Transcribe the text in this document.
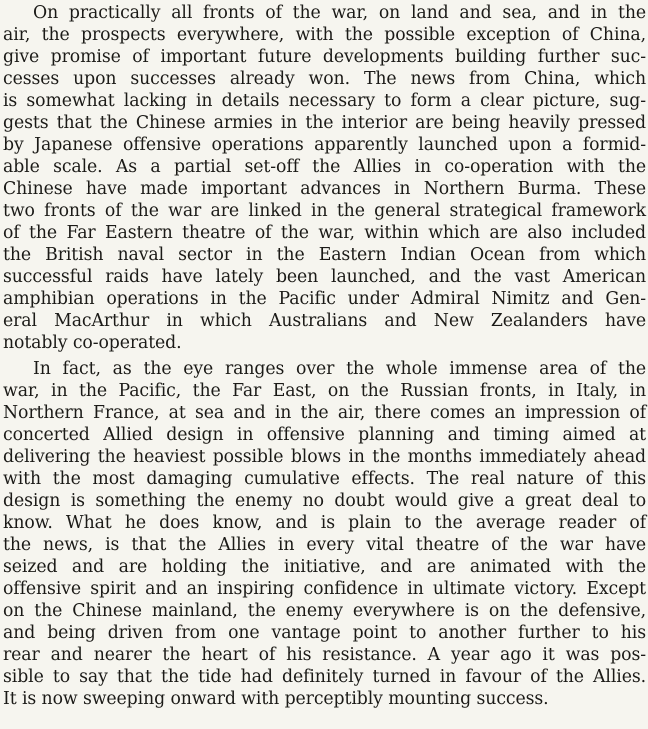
On practically all fronts of the war, on land and sea, and in the

air, the prospects everywhere, with the possible exception of China,

give promise of important future developments building further suc-

cesses upon successes already won. The news from China, which

is somewhat lacking in details necessary to form a clear picture, sug-

gests that the Chinese armies in the interior are being heavily pressed

by Japanese offensive operations apparently launched upon a formid-

able scale. As a partial set-off the Allies in co-operation with the

Chinese have made important advances in Northern Burma. These

two fronts of the war are linked in the general strategical framework

of the Far Eastern theatre of the war, within which are also included

the British naval sector in the Eastern Indian Ocean from which

successful raids have lately been launched, and the vast American

amphibian operations in the Pacific under Admiral Nimitz and Gen-

eral MacArthur in which Australians and New Zealanders have

notably co-operated.

In fact, as the eye ranges over the whole immense area of the

war, in the Pacific, the Far East, on the Russian fronts, in Italy, in

Northern France, at sea and in the air, there comes an impression of

concerted Allied design in offensive planning and timing aimed at

delivering the heaviest possible blows in the months immediately ahead

with the most damaging cumulative effects. The real nature of this

design is something the enemy no doubt would give a great deal to

know. What he does know, and is plain to the average reader of

the news, is that the Allies in every vital theatre of the war have

seized and are holding the initiative, and are animated with the

offensive spirit and an inspiring confidence in ultimate victory. Except

on the Chinese mainland, the enemy everywhere is on the defensive,

and being driven from one vantage point to another further to his

rear and nearer the heart of his resistance. A year ago it was pos-

sible to say that the tide had definitely turned in favour of the Allies.

It is now sweeping onward with perceptibly mounting success.
